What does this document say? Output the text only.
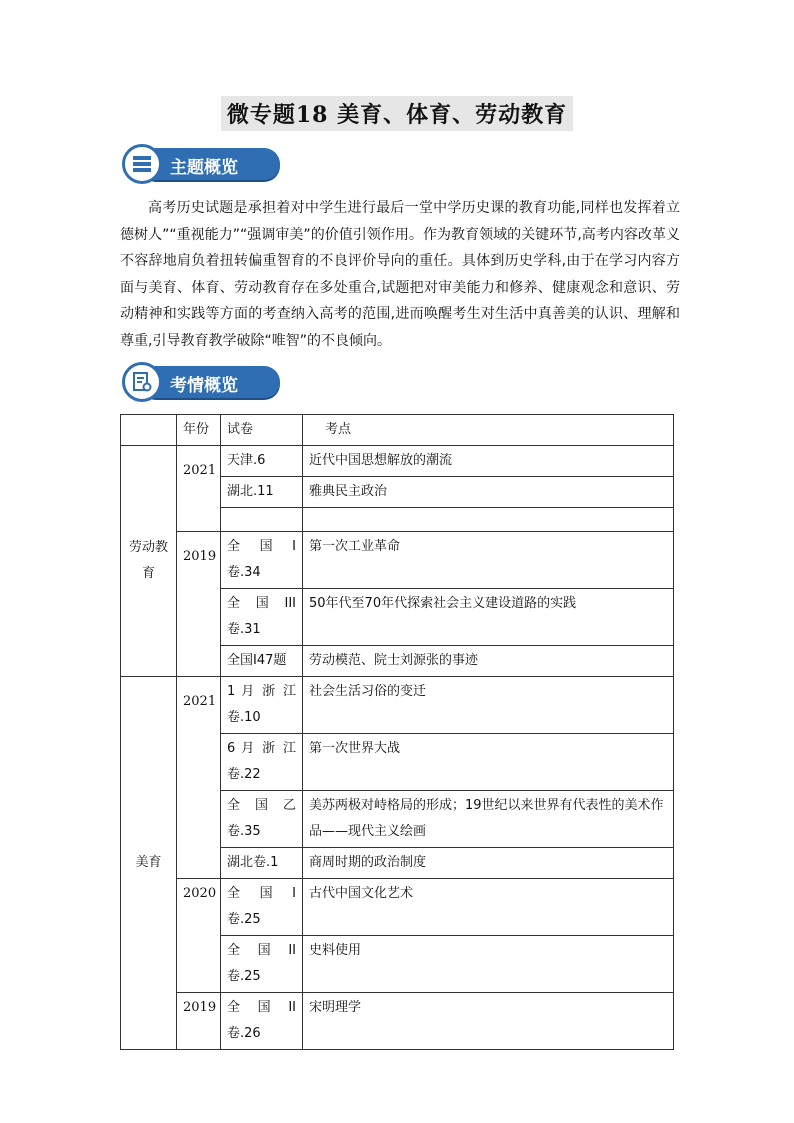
微专题18 美育、体育、劳动教育
主题概览
高考历史试题是承担着对中学生进行最后一堂中学历史课的教育功能,同样也发挥着立德树人”“重视能力”“强调审美”的价值引领作用。作为教育领域的关键环节,高考内容改革义不容辞地肩负着扭转偏重智育的不良评价导向的重任。具体到历史学科,由于在学习内容方面与美育、体育、劳动教育存在多处重合,试题把对审美能力和修养、健康观念和意识、劳动精神和实践等方面的考查纳入高考的范围,进而唤醒考生对生活中真善美的认识、理解和尊重,引导教育教学破除“唯智”的不良倾向。
考情概览
	年份	试卷	考点
劳动教育	2021	天津.6	近代中国思想解放的潮流
		湖北.11	雅典民主政治

	2019	全　国　I　卷.34	第一次工业革命
		全　国　III　卷.31	50年代至70年代探索社会主义建设道路的实践
		全国I47题	劳动模范、院士刘源张的事迹
美育	2021	1 月 浙 江 卷.10	社会生活习俗的变迁
		6 月 浙 江 卷.22	第一次世界大战
		全　国　乙　卷.35	美苏两极对峙格局的形成；19世纪以来世界有代表性的美术作品——现代主义绘画
		湖北卷.1	商周时期的政治制度
	2020	全　国　I　卷.25	古代中国文化艺术
		全　国　II　卷.25	史料使用
	2019	全　国　II　卷.26	宋明理学
